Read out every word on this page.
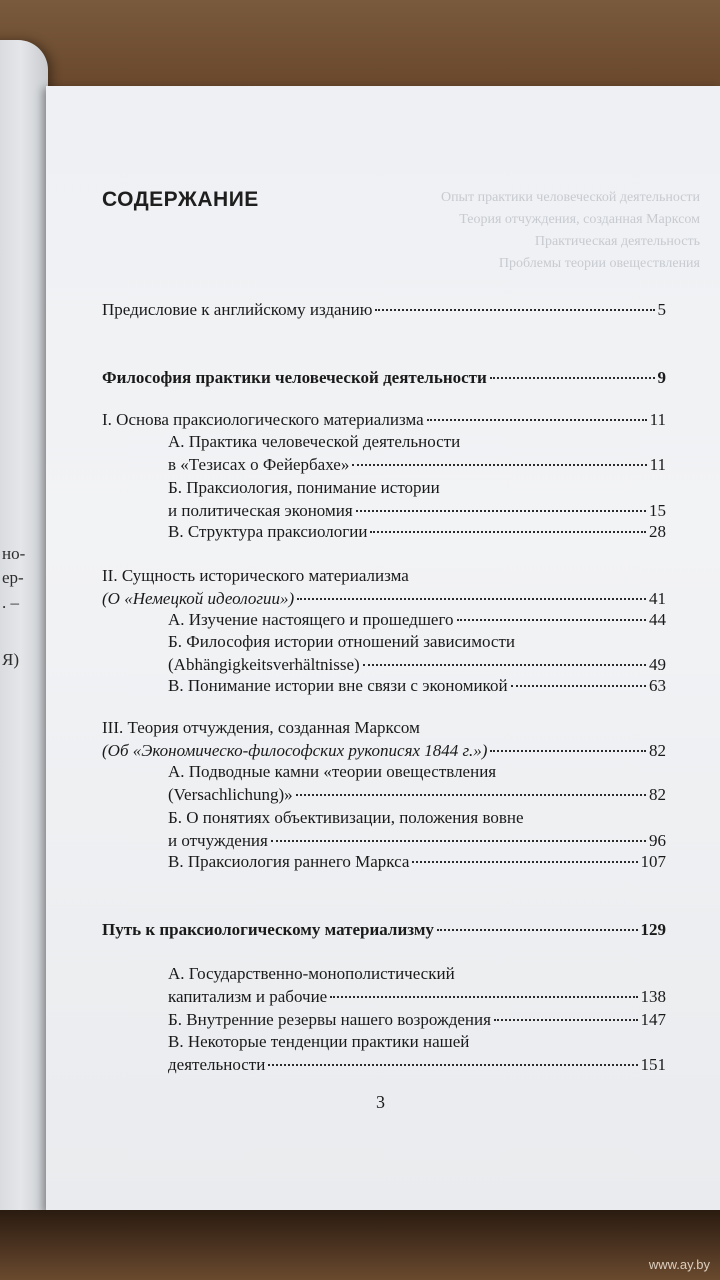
но-
ер-
. –
Я)
Опыт практики человеческой деятельности
Теория отчуждения, созданная Марксом
Практическая деятельность
Проблемы теории овеществления
СОДЕРЖАНИЕ
Предисловие к английскому изданию	5
Философия практики человеческой деятельности	9
I. Основа праксиологического материализма	11
А. Практика человеческой деятельности
в «Тезисах о Фейербахе»	11
Б. Праксиология, понимание истории
и политическая экономия	15
В. Структура праксиологии	28
II. Сущность исторического материализма
(О «Немецкой идеологии»)	41
А. Изучение настоящего и прошедшего	44
Б. Философия истории отношений зависимости
(Abhängigkeitsverhältnisse)	49
В. Понимание истории вне связи с экономикой	63
III. Теория отчуждения, созданная Марксом
(Об «Экономическо-философских рукописях 1844 г.»)	82
А. Подводные камни «теории овеществления
(Versachlichung)»	82
Б. О понятиях объективизации, положения вовне
и отчуждения	96
В. Праксиология раннего Маркса	107
Путь к праксиологическому материализму	129
А. Государственно-монополистический
капитализм и рабочие	138
Б. Внутренние резервы нашего возрождения	147
В. Некоторые тенденции практики нашей
деятельности	151
3
www.ay.by
